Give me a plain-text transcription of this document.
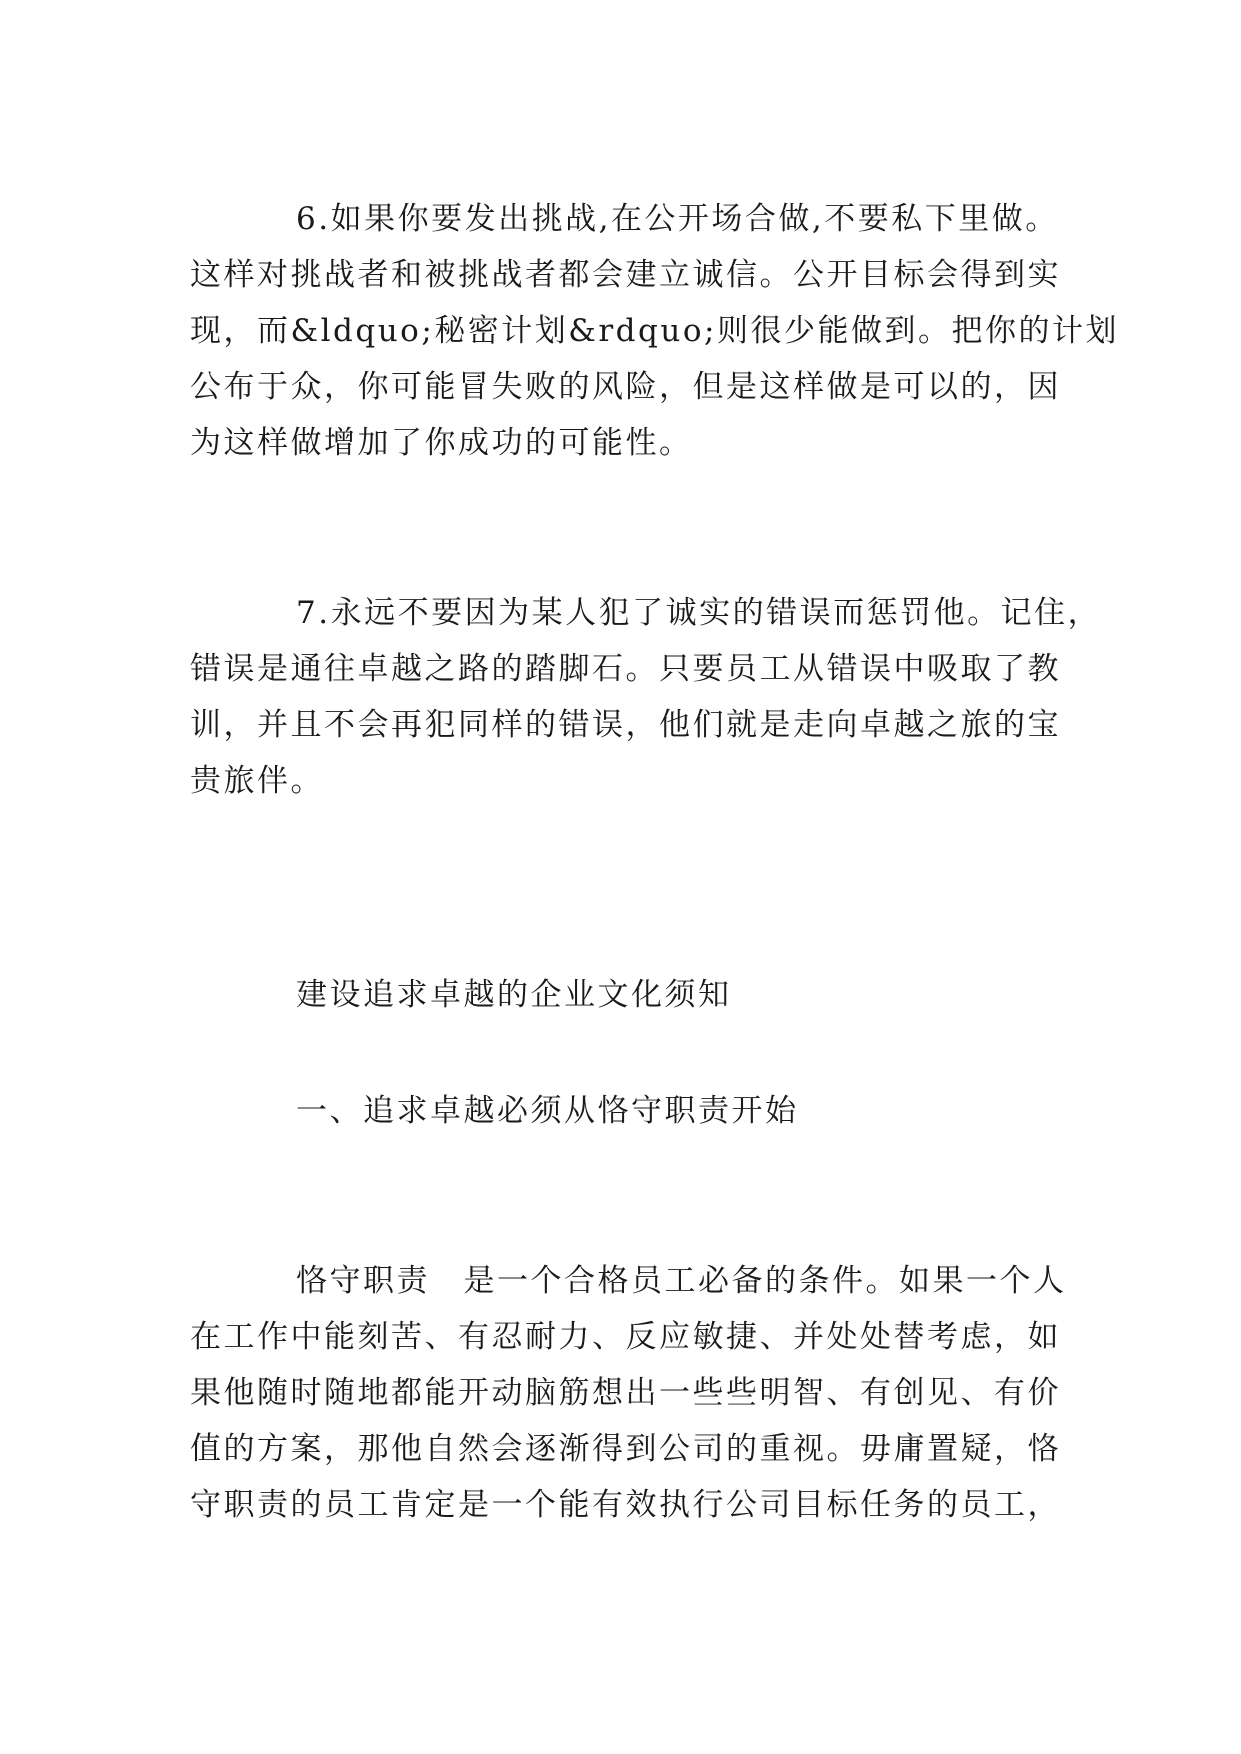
6.如果你要发出挑战,在公开场合做,不要私下里做。
这样对挑战者和被挑战者都会建立诚信。公开目标会得到实
现，而&ldquo;秘密计划&rdquo;则很少能做到。把你的计划
公布于众，你可能冒失败的风险，但是这样做是可以的，因
为这样做增加了你成功的可能性。
7.永远不要因为某人犯了诚实的错误而惩罚他。记住，
错误是通往卓越之路的踏脚石。只要员工从错误中吸取了教
训，并且不会再犯同样的错误，他们就是走向卓越之旅的宝
贵旅伴。
建设追求卓越的企业文化须知
一、追求卓越必须从恪守职责开始
恪守职责　是一个合格员工必备的条件。如果一个人
在工作中能刻苦、有忍耐力、反应敏捷、并处处替考虑，如
果他随时随地都能开动脑筋想出一些些明智、有创见、有价
值的方案，那他自然会逐渐得到公司的重视。毋庸置疑，恪
守职责的员工肯定是一个能有效执行公司目标任务的员工，
